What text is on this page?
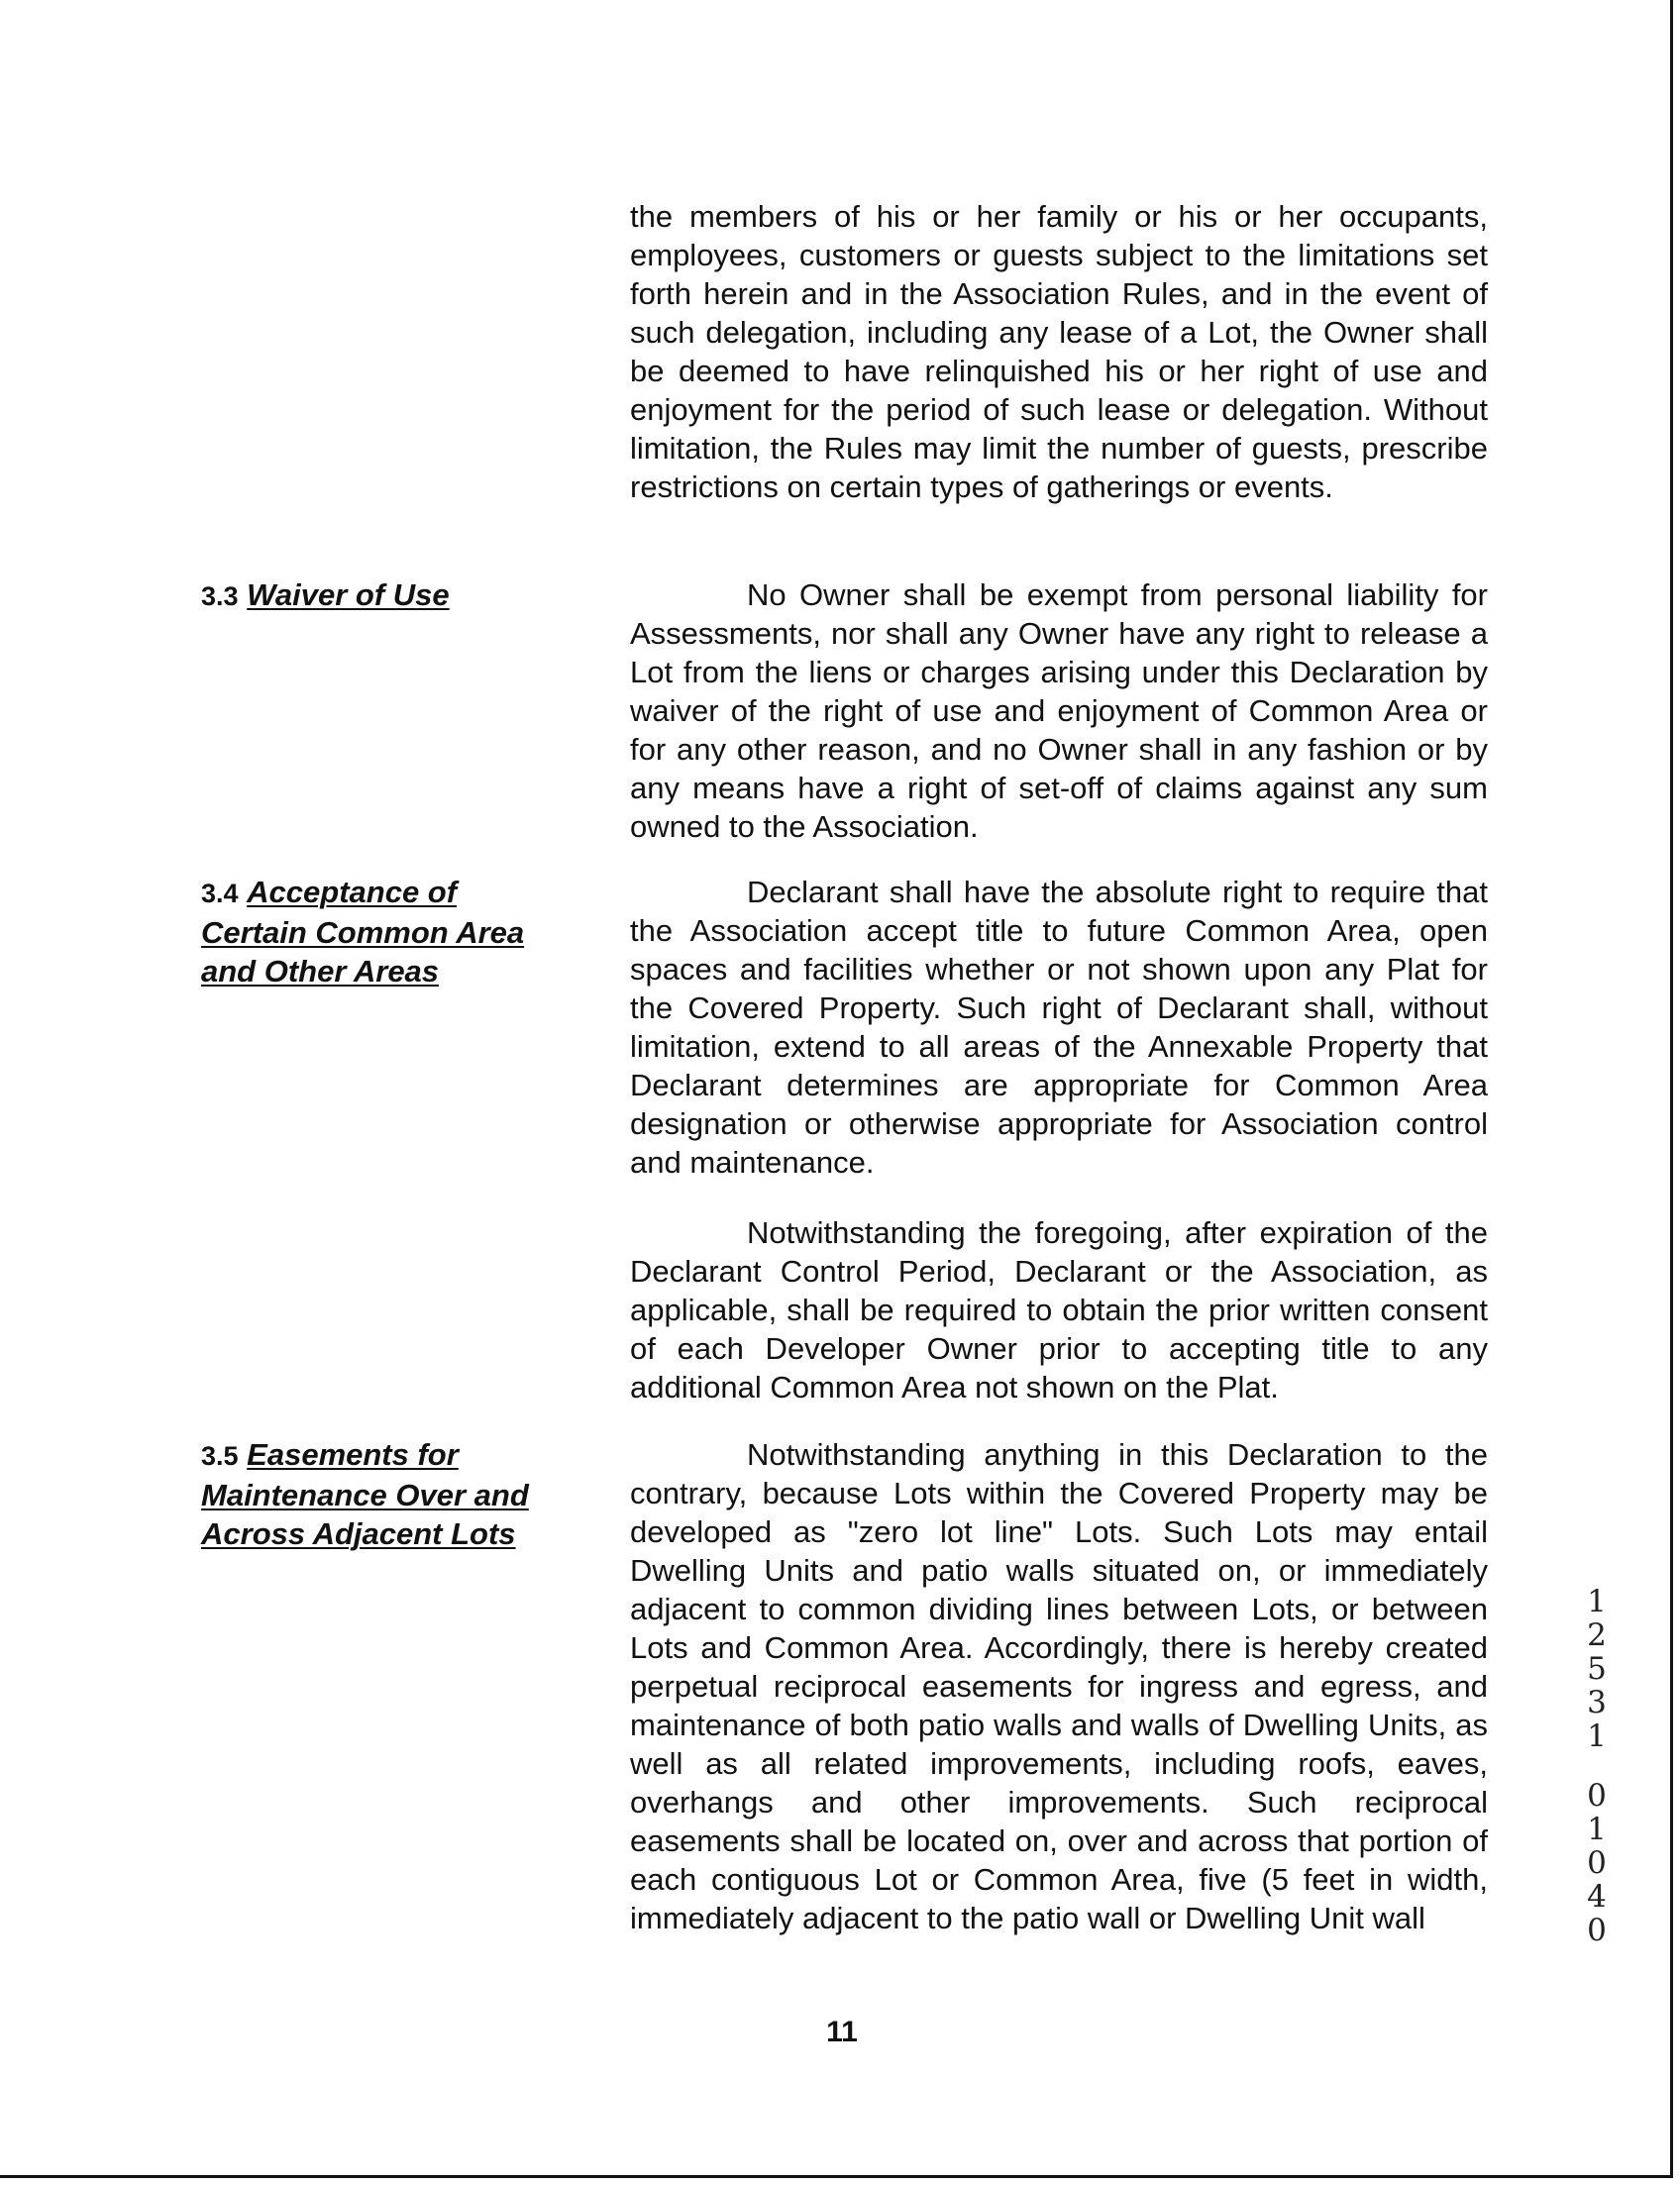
the members of his or her family or his or her occupants, employees, customers or guests subject to the limitations set forth herein and in the Association Rules, and in the event of such delegation, including any lease of a Lot, the Owner shall be deemed to have relinquished his or her right of use and enjoyment for the period of such lease or delegation. Without limitation, the Rules may limit the number of guests, prescribe restrictions on certain types of gatherings or events.

3.3 Waiver of Use	No Owner shall be exempt from personal liability for Assessments, nor shall any Owner have any right to release a Lot from the liens or charges arising under this Declaration by waiver of the right of use and enjoyment of Common Area or for any other reason, and no Owner shall in any fashion or by any means have a right of set-off of claims against any sum owned to the Association.

3.4 Acceptance of Certain Common Area and Other Areas

Declarant shall have the absolute right to require that the Association accept title to future Common Area, open spaces and facilities whether or not shown upon any Plat for the Covered Property. Such right of Declarant shall, without limitation, extend to all areas of the Annexable Property that Declarant determines are appropriate for Common Area designation or otherwise appropriate for Association control and maintenance.

Notwithstanding the foregoing, after expiration of the Declarant Control Period, Declarant or the Association, as applicable, shall be required to obtain the prior written consent of each Developer Owner prior to accepting title to any additional Common Area not shown on the Plat.

3.5 Easements for Maintenance Over and Across Adjacent Lots

Notwithstanding anything in this Declaration to the contrary, because Lots within the Covered Property may be developed as "zero lot line" Lots. Such Lots may entail Dwelling Units and patio walls situated on, or immediately adjacent to common dividing lines between Lots, or between Lots and Common Area. Accordingly, there is hereby created perpetual reciprocal easements for ingress and egress, and maintenance of both patio walls and walls of Dwelling Units, as well as all related improvements, including roofs, eaves, overhangs and other improvements. Such reciprocal easements shall be located on, over and across that portion of each contiguous Lot or Common Area, five (5 feet in width, immediately adjacent to the patio wall or Dwelling Unit wall

11
1
2
5
3
1
0
1
0
4
0
